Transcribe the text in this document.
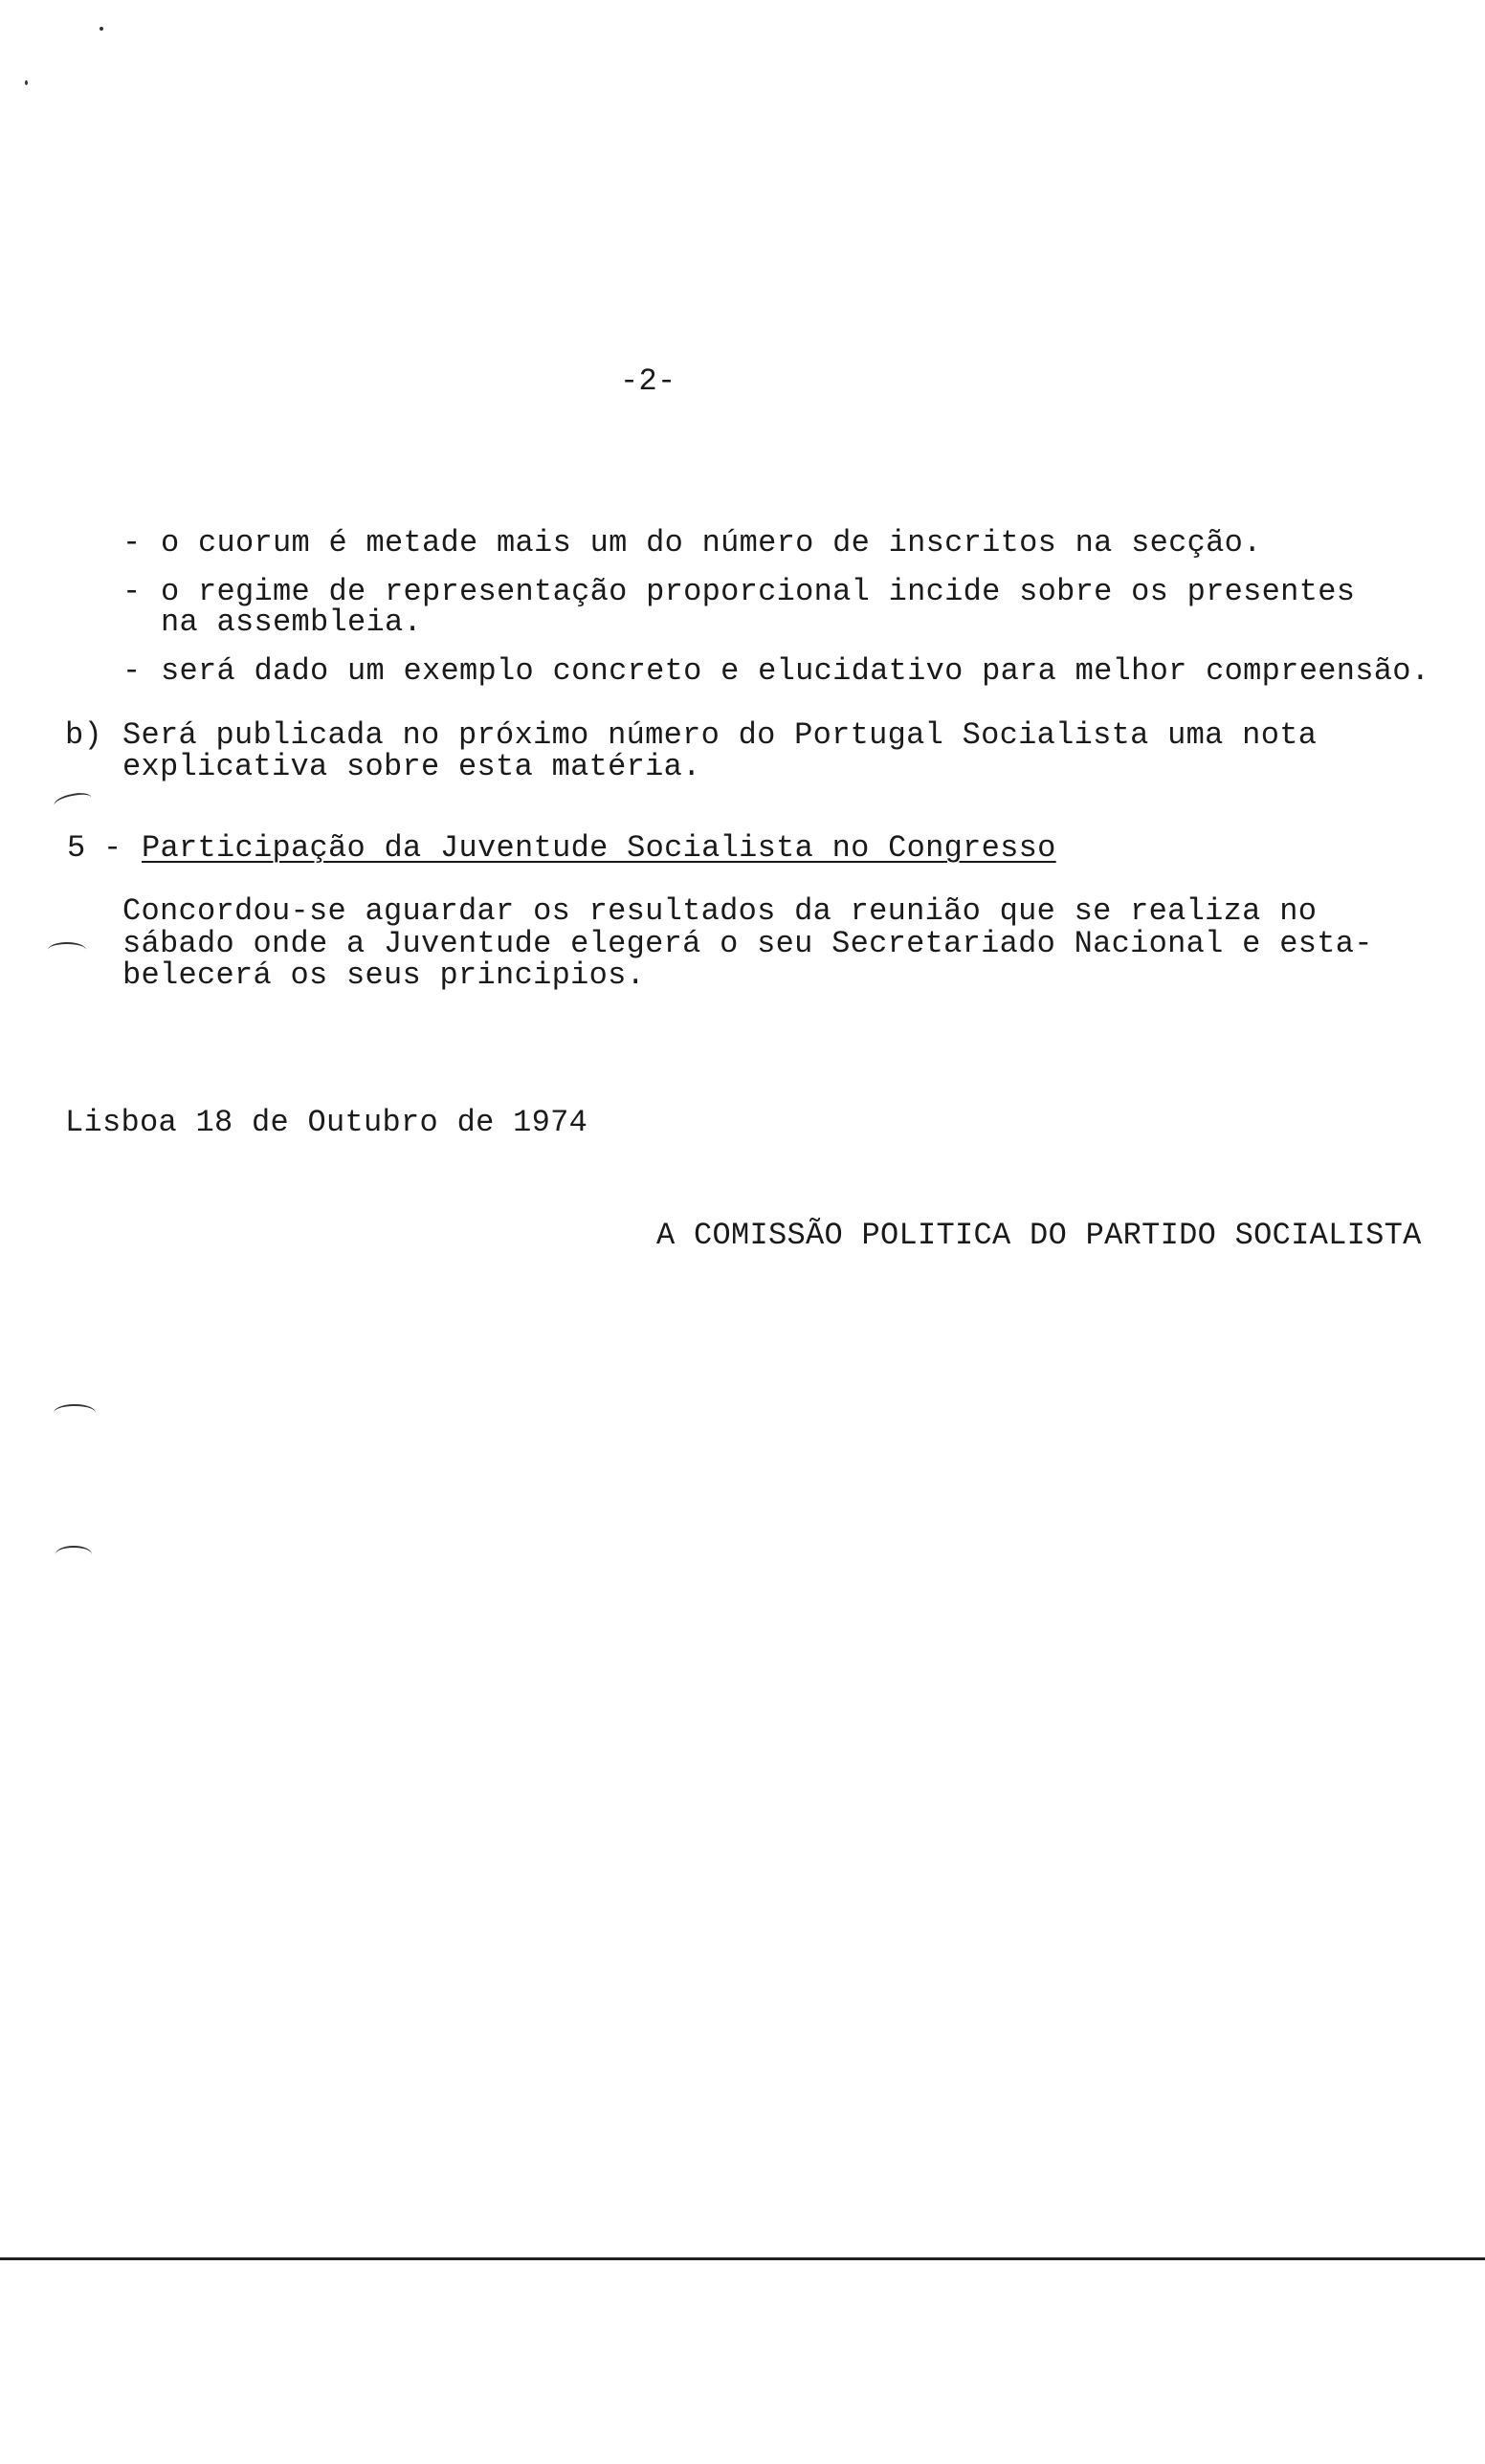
-2-
- o cuorum é metade mais um do número de inscritos na secção.
- o regime de representação proporcional incide sobre os presentes
na assembleia.
- será dado um exemplo concreto e elucidativo para melhor compreensão.
b) Será publicada no próximo número do Portugal Socialista uma nota
explicativa sobre esta matéria.
5 - Participação da Juventude Socialista no Congresso
Concordou-se aguardar os resultados da reunião que se realiza no
sábado onde a Juventude elegerá o seu Secretariado Nacional e esta-
belecerá os seus principios.
Lisboa 18 de Outubro de 1974
A COMISSÃO POLITICA DO PARTIDO SOCIALISTA
